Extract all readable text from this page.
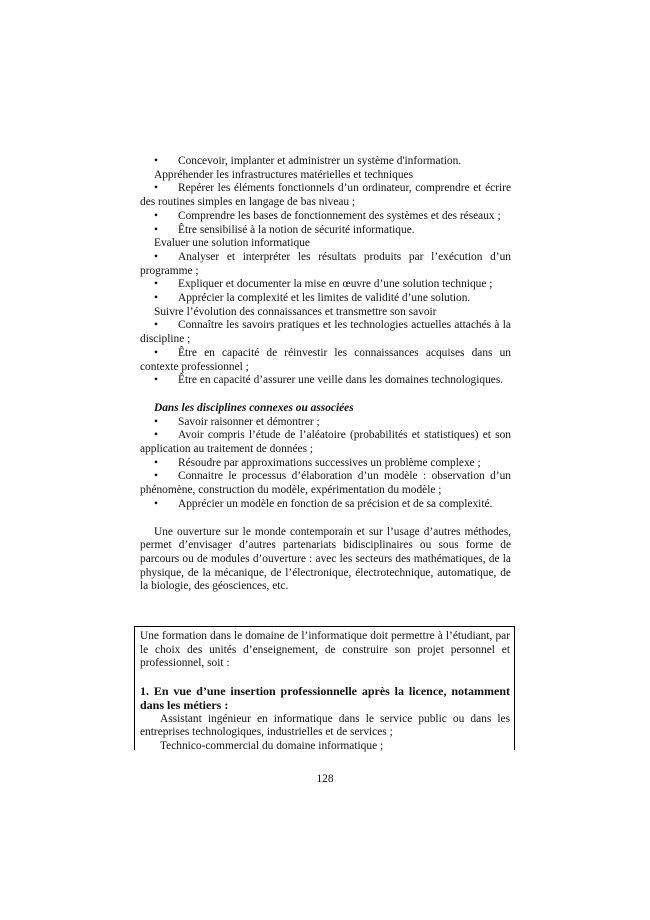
• Concevoir, implanter et administrer un système d'information.
Appréhender les infrastructures matérielles et techniques
• Repérer les éléments fonctionnels d’un ordinateur, comprendre et écrire des routines simples en langage de bas niveau ;
• Comprendre les bases de fonctionnement des systèmes et des réseaux ;
• Être sensibilisé à la notion de sécurité informatique.
Evaluer une solution informatique
• Analyser et interpréter les résultats produits par l’exécution d’un programme ;
• Expliquer et documenter la mise en œuvre d’une solution technique ;
• Apprécier la complexité et les limites de validité d’une solution.
Suivre l’évolution des connaissances et transmettre son savoir
• Connaître les savoirs pratiques et les technologies actuelles attachés à la discipline ;
• Être en capacité de réinvestir les connaissances acquises dans un contexte professionnel ;
• Être en capacité d’assurer une veille dans les domaines technologiques.
Dans les disciplines connexes ou associées
• Savoir raisonner et démontrer ;
• Avoir compris l’étude de l’aléatoire (probabilités et statistiques) et son application au traitement de données ;
• Résoudre par approximations successives un problème complexe ;
• Connaitre le processus d’élaboration d’un modèle : observation d’un phénomène, construction du modèle, expérimentation du modèle ;
• Apprécier un modèle en fonction de sa précision et de sa complexité.
Une ouverture sur le monde contemporain et sur l’usage d’autres méthodes, permet d’envisager d’autres partenariats bidisciplinaires ou sous forme de parcours ou de modules d’ouverture : avec les secteurs des mathématiques, de la physique, de la mécanique, de l’électronique, électrotechnique, automatique, de la biologie, des géosciences, etc.
Une formation dans le domaine de l’informatique doit permettre à l’étudiant, par le choix des unités d’enseignement, de construire son projet personnel et professionnel, soit :
1. En vue d’une insertion professionnelle après la licence, notamment dans les métiers :
Assistant ingénieur en informatique dans le service public ou dans les entreprises technologiques, industrielles et de services ;
Technico-commercial du domaine informatique ;
128
